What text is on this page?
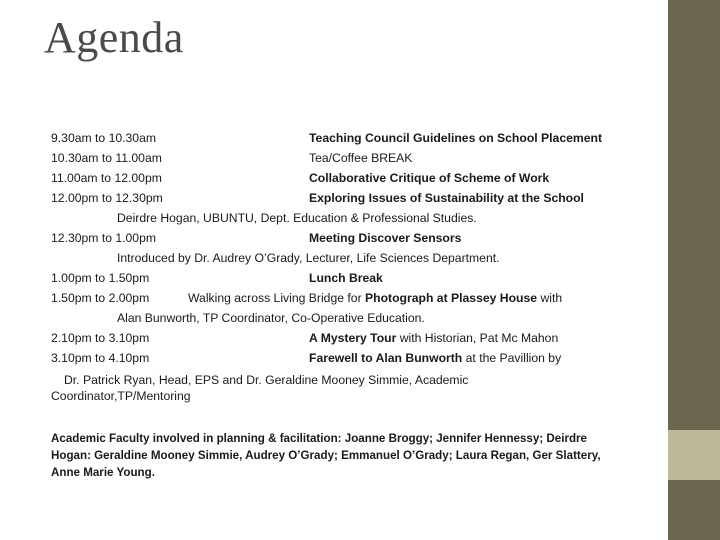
Agenda
9.30am to 10.30am	Teaching Council Guidelines on School Placement
10.30am to 11.00am	Tea/Coffee BREAK
11.00am to 12.00pm	Collaborative Critique of Scheme of Work
12.00pm to 12.30pm	Exploring Issues of Sustainability at the School
Deirdre Hogan, UBUNTU, Dept. Education & Professional Studies.
12.30pm to 1.00pm	Meeting Discover Sensors
Introduced by Dr. Audrey O’Grady, Lecturer, Life Sciences Department.
1.00pm to 1.50pm	Lunch Break
1.50pm to 2.00pm	Walking across Living Bridge for Photograph at Plassey House with
Alan Bunworth, TP Coordinator, Co-Operative Education.
2.10pm to 3.10pm	A Mystery Tour with Historian, Pat Mc Mahon
3.10pm to 4.10pm	Farewell to Alan Bunworth at the Pavillion by
Dr. Patrick Ryan, Head, EPS and Dr. Geraldine Mooney Simmie, Academic
Coordinator,TP/Mentoring
Academic Faculty involved in planning & facilitation: Joanne Broggy; Jennifer Hennessy; Deirdre Hogan: Geraldine Mooney Simmie, Audrey O’Grady; Emmanuel O’Grady; Laura Regan, Ger Slattery, Anne Marie Young.
